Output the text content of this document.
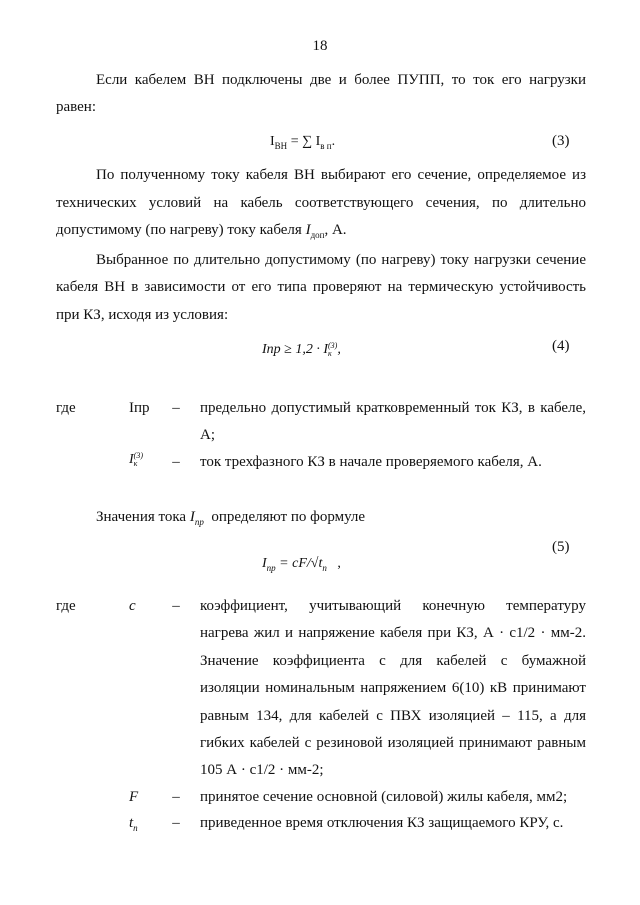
18
Если кабелем ВН подключены две и более ПУПП, то ток его нагрузки
равен:
$I_{ВН}$ = ∑ $I_{в п}$.	(3)
По полученному току кабеля ВН выбирают его сечение, определяемое из
технических условий на кабель соответствующего сечения, по длительно
допустимому (по нагреву) току кабеля $I_{доп}$, А.
Выбранное по длительно допустимому (по нагреву) току нагрузки сечение
кабеля ВН в зависимости от его типа проверяют на термическую устойчивость
при КЗ, исходя из условия:
Iпр ≥ 1,2 · I(3)
к ,	(4)
где	Iпр – предельно допустимый кратковременный ток КЗ, в кабеле,
А;
I(3)
к	– ток трехфазного КЗ в начале проверяемого кабеля, А.
Значения тока $I_{пр}$ определяют по формуле
$I_{пр} = cF/√t_п$ ,
(5)
где	c – коэффициент, учитывающий конечную температуру
нагрева жил и напряжение кабеля при КЗ, А · с1/2 · мм-2.
Значение коэффициента c для кабелей с бумажной
изоляции номинальным напряжением 6(10) кВ принимают
равным 134, для кабелей с ПВХ изоляцией – 115, а для
гибких кабелей с резиновой изоляцией принимают равным
105 А · с1/2 · мм-2;
F – принятое сечение основной (силовой) жилы кабеля, мм2;
$t_п$ – приведенное время отключения КЗ защищаемого КРУ, с.
